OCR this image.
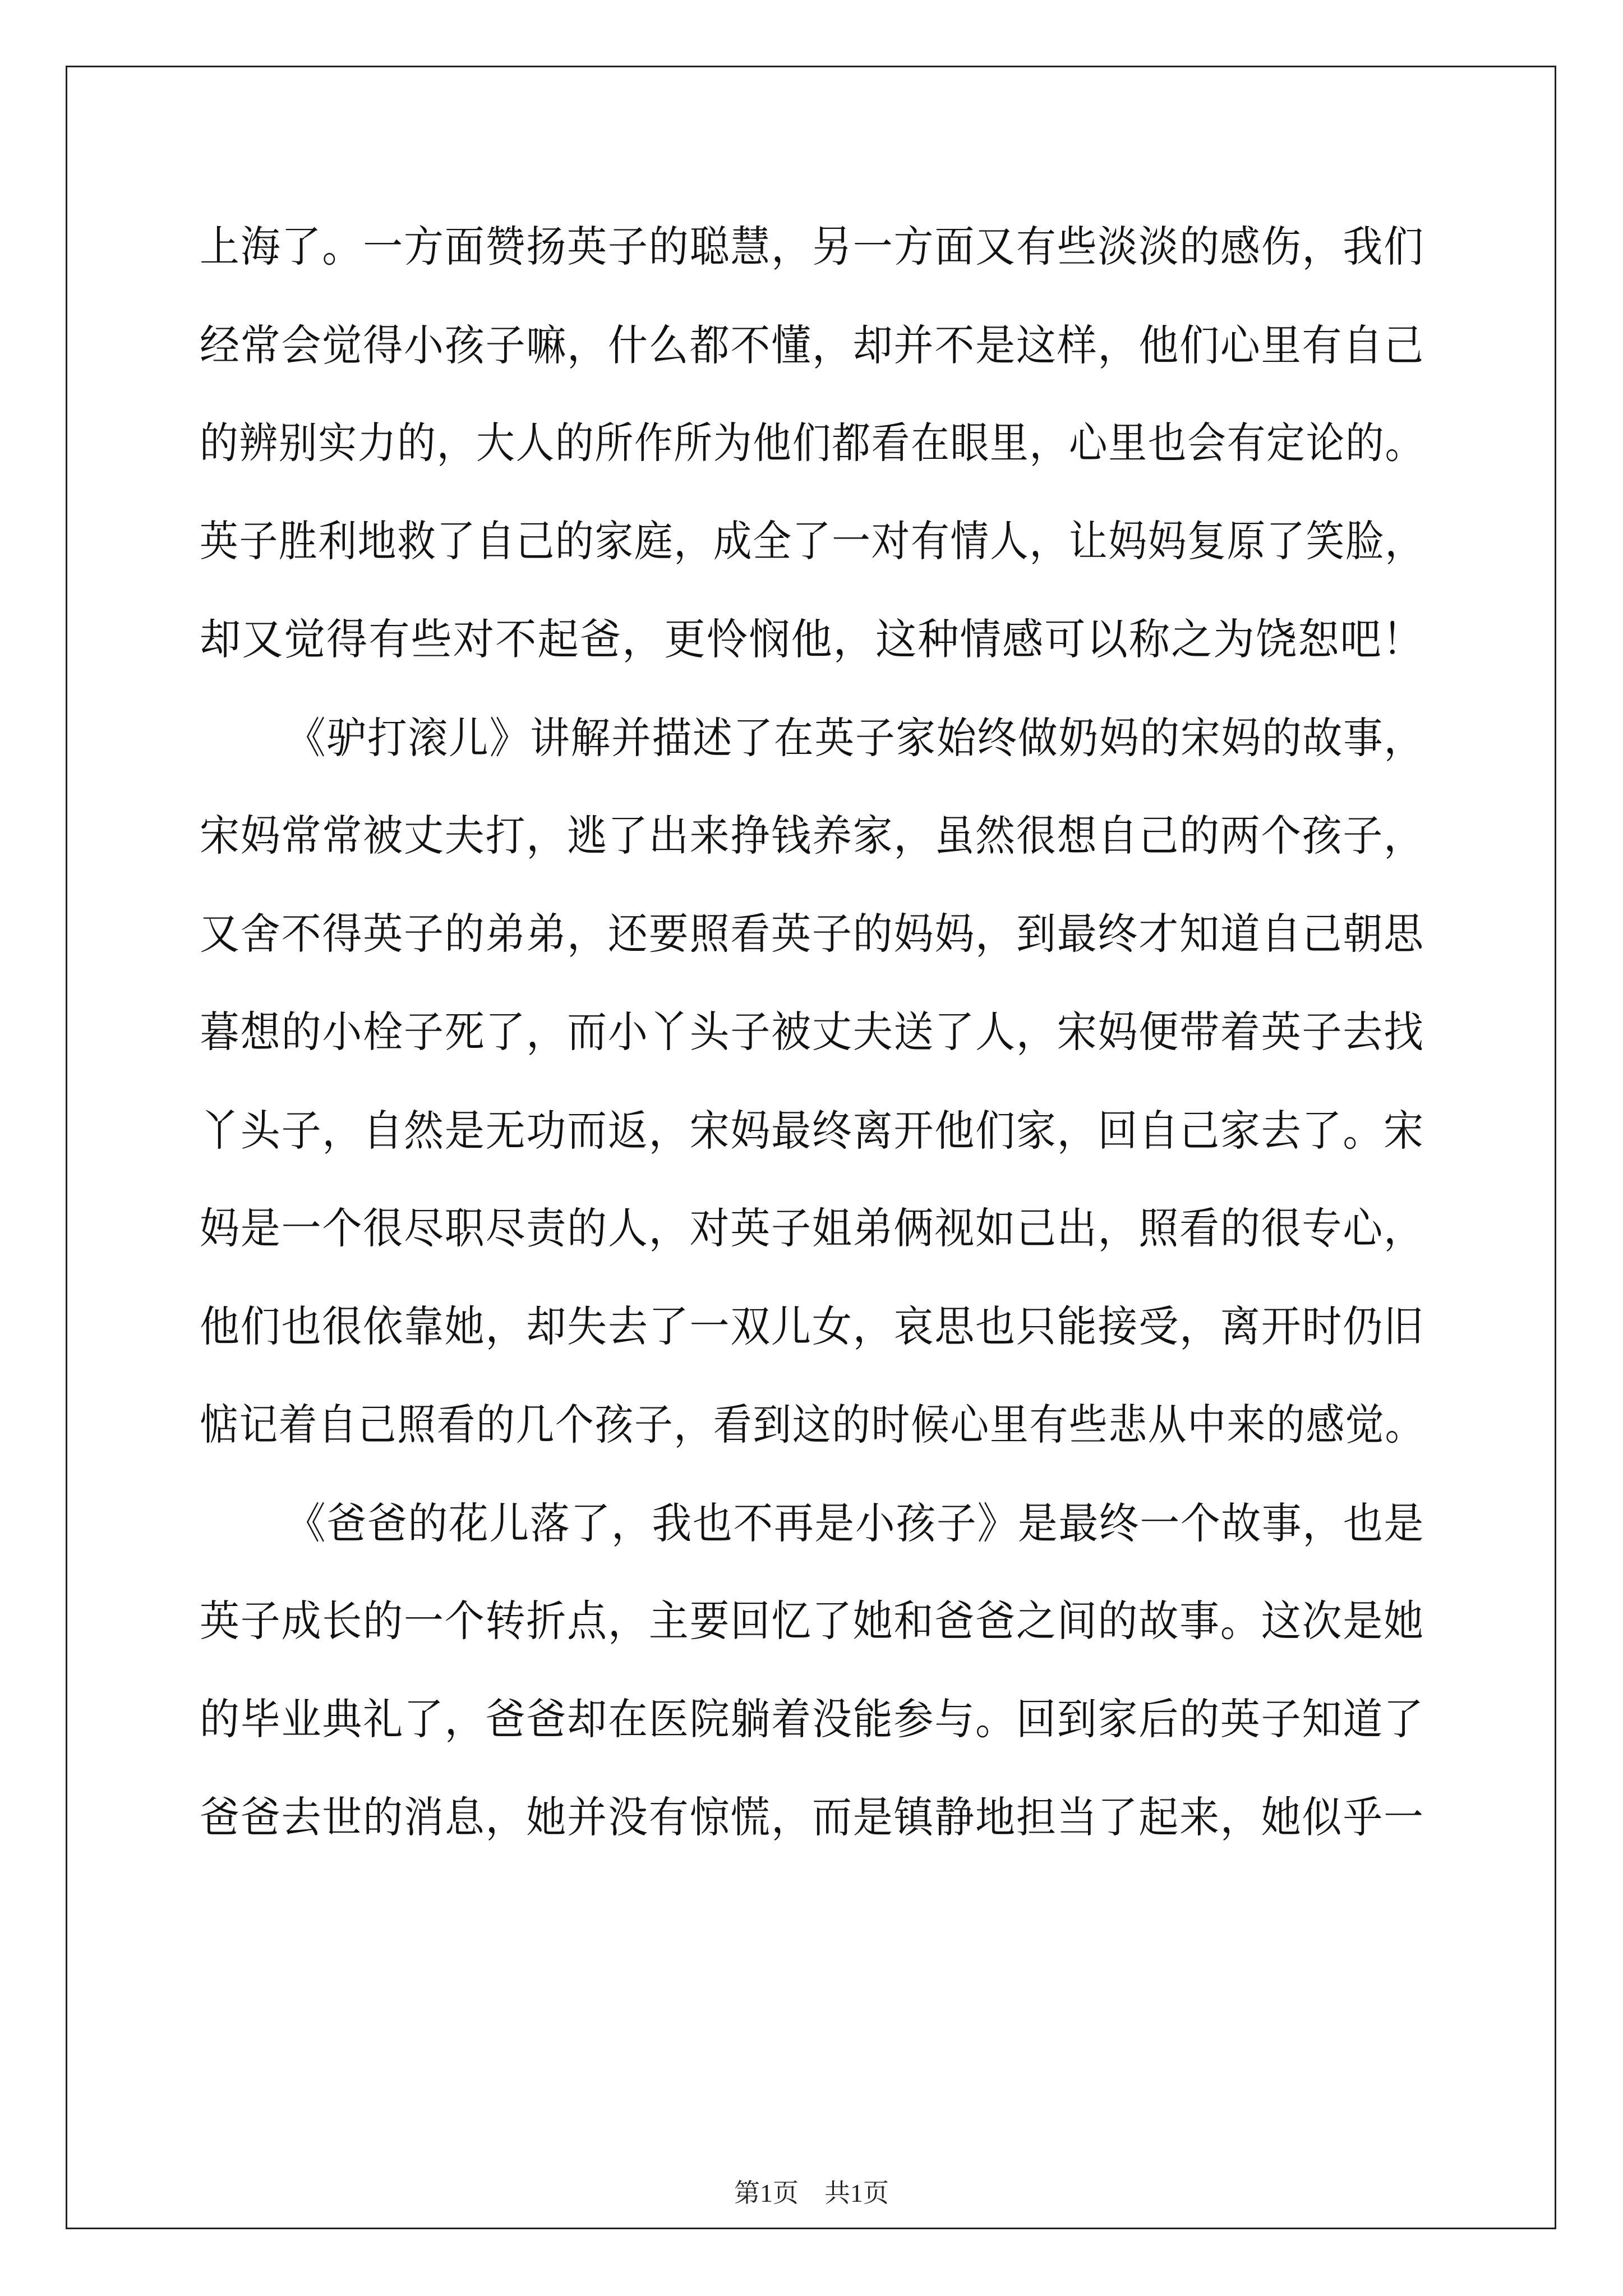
上海了。一方面赞扬英子的聪慧，另一方面又有些淡淡的感伤，我们

经常会觉得小孩子嘛，什么都不懂，却并不是这样，他们心里有自己

的辨别实力的，大人的所作所为他们都看在眼里，心里也会有定论的。

英子胜利地救了自己的家庭，成全了一对有情人，让妈妈复原了笑脸，

却又觉得有些对不起爸，更怜悯他，这种情感可以称之为饶恕吧！

《驴打滚儿》讲解并描述了在英子家始终做奶妈的宋妈的故事，

宋妈常常被丈夫打，逃了出来挣钱养家，虽然很想自己的两个孩子，

又舍不得英子的弟弟，还要照看英子的妈妈，到最终才知道自己朝思

暮想的小栓子死了，而小丫头子被丈夫送了人，宋妈便带着英子去找

丫头子，自然是无功而返，宋妈最终离开他们家，回自己家去了。宋

妈是一个很尽职尽责的人，对英子姐弟俩视如己出，照看的很专心，

他们也很依靠她，却失去了一双儿女，哀思也只能接受，离开时仍旧

惦记着自己照看的几个孩子，看到这的时候心里有些悲从中来的感觉。

《爸爸的花儿落了，我也不再是小孩子》是最终一个故事，也是

英子成长的一个转折点，主要回忆了她和爸爸之间的故事。这次是她

的毕业典礼了，爸爸却在医院躺着没能参与。回到家后的英子知道了

爸爸去世的消息，她并没有惊慌，而是镇静地担当了起来，她似乎一

第1页　共1页
